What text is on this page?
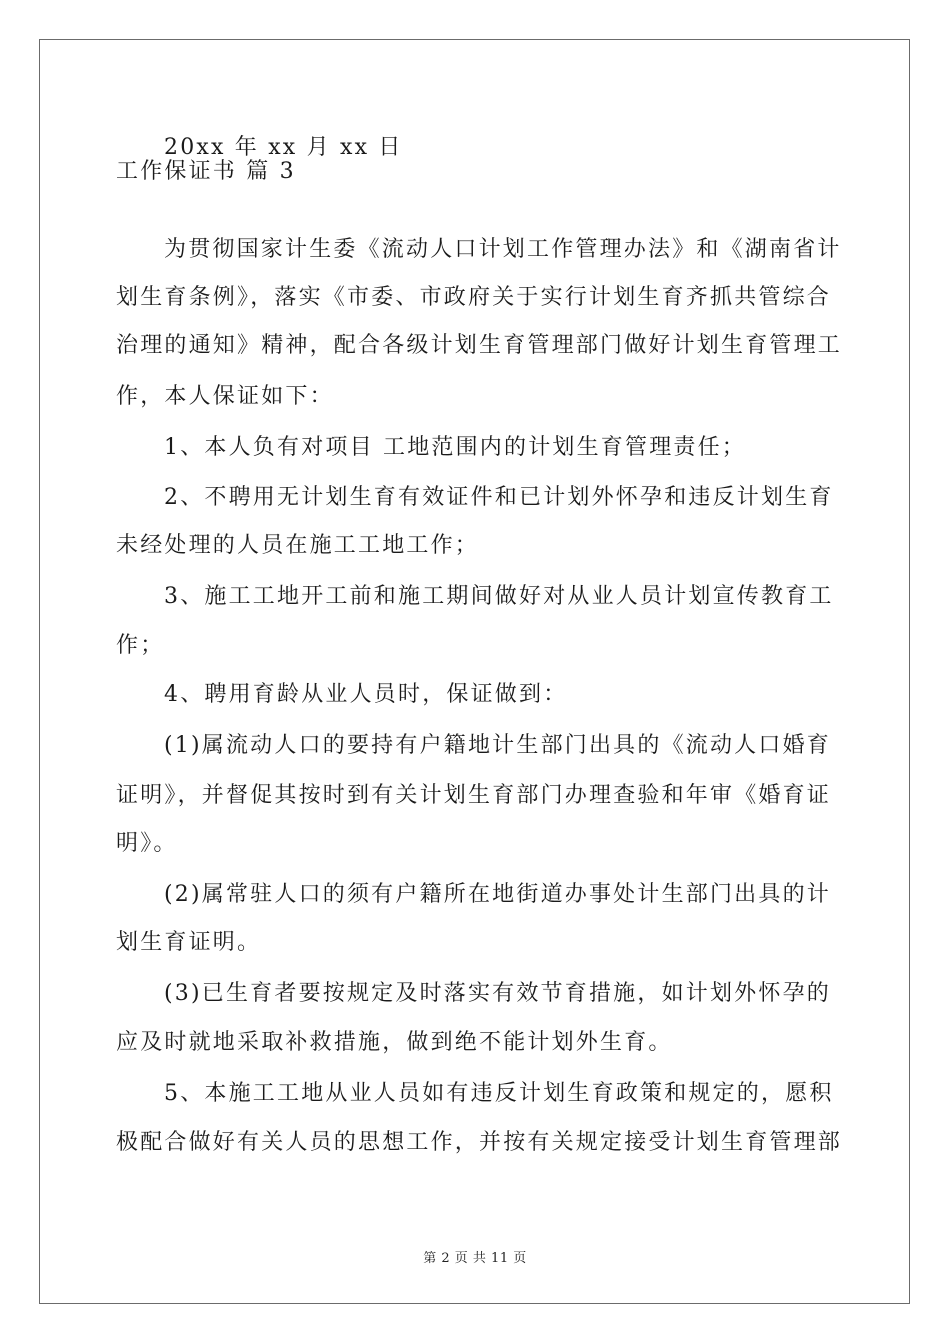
20xx 年 xx 月 xx 日
工作保证书 篇 3
为贯彻国家计生委《流动人口计划工作管理办法》和《湖南省计
划生育条例》，落实《市委、市政府关于实行计划生育齐抓共管综合
治理的通知》精神，配合各级计划生育管理部门做好计划生育管理工
作，本人保证如下：
1、本人负有对项目 工地范围内的计划生育管理责任；
2、不聘用无计划生育有效证件和已计划外怀孕和违反计划生育
未经处理的人员在施工工地工作；
3、施工工地开工前和施工期间做好对从业人员计划宣传教育工
作；
4、聘用育龄从业人员时，保证做到：
(1)属流动人口的要持有户籍地计生部门出具的《流动人口婚育
证明》，并督促其按时到有关计划生育部门办理查验和年审《婚育证
明》。
(2)属常驻人口的须有户籍所在地街道办事处计生部门出具的计
划生育证明。
(3)已生育者要按规定及时落实有效节育措施，如计划外怀孕的
应及时就地采取补救措施，做到绝不能计划外生育。
5、本施工工地从业人员如有违反计划生育政策和规定的，愿积
极配合做好有关人员的思想工作，并按有关规定接受计划生育管理部
第 2 页 共 11 页
